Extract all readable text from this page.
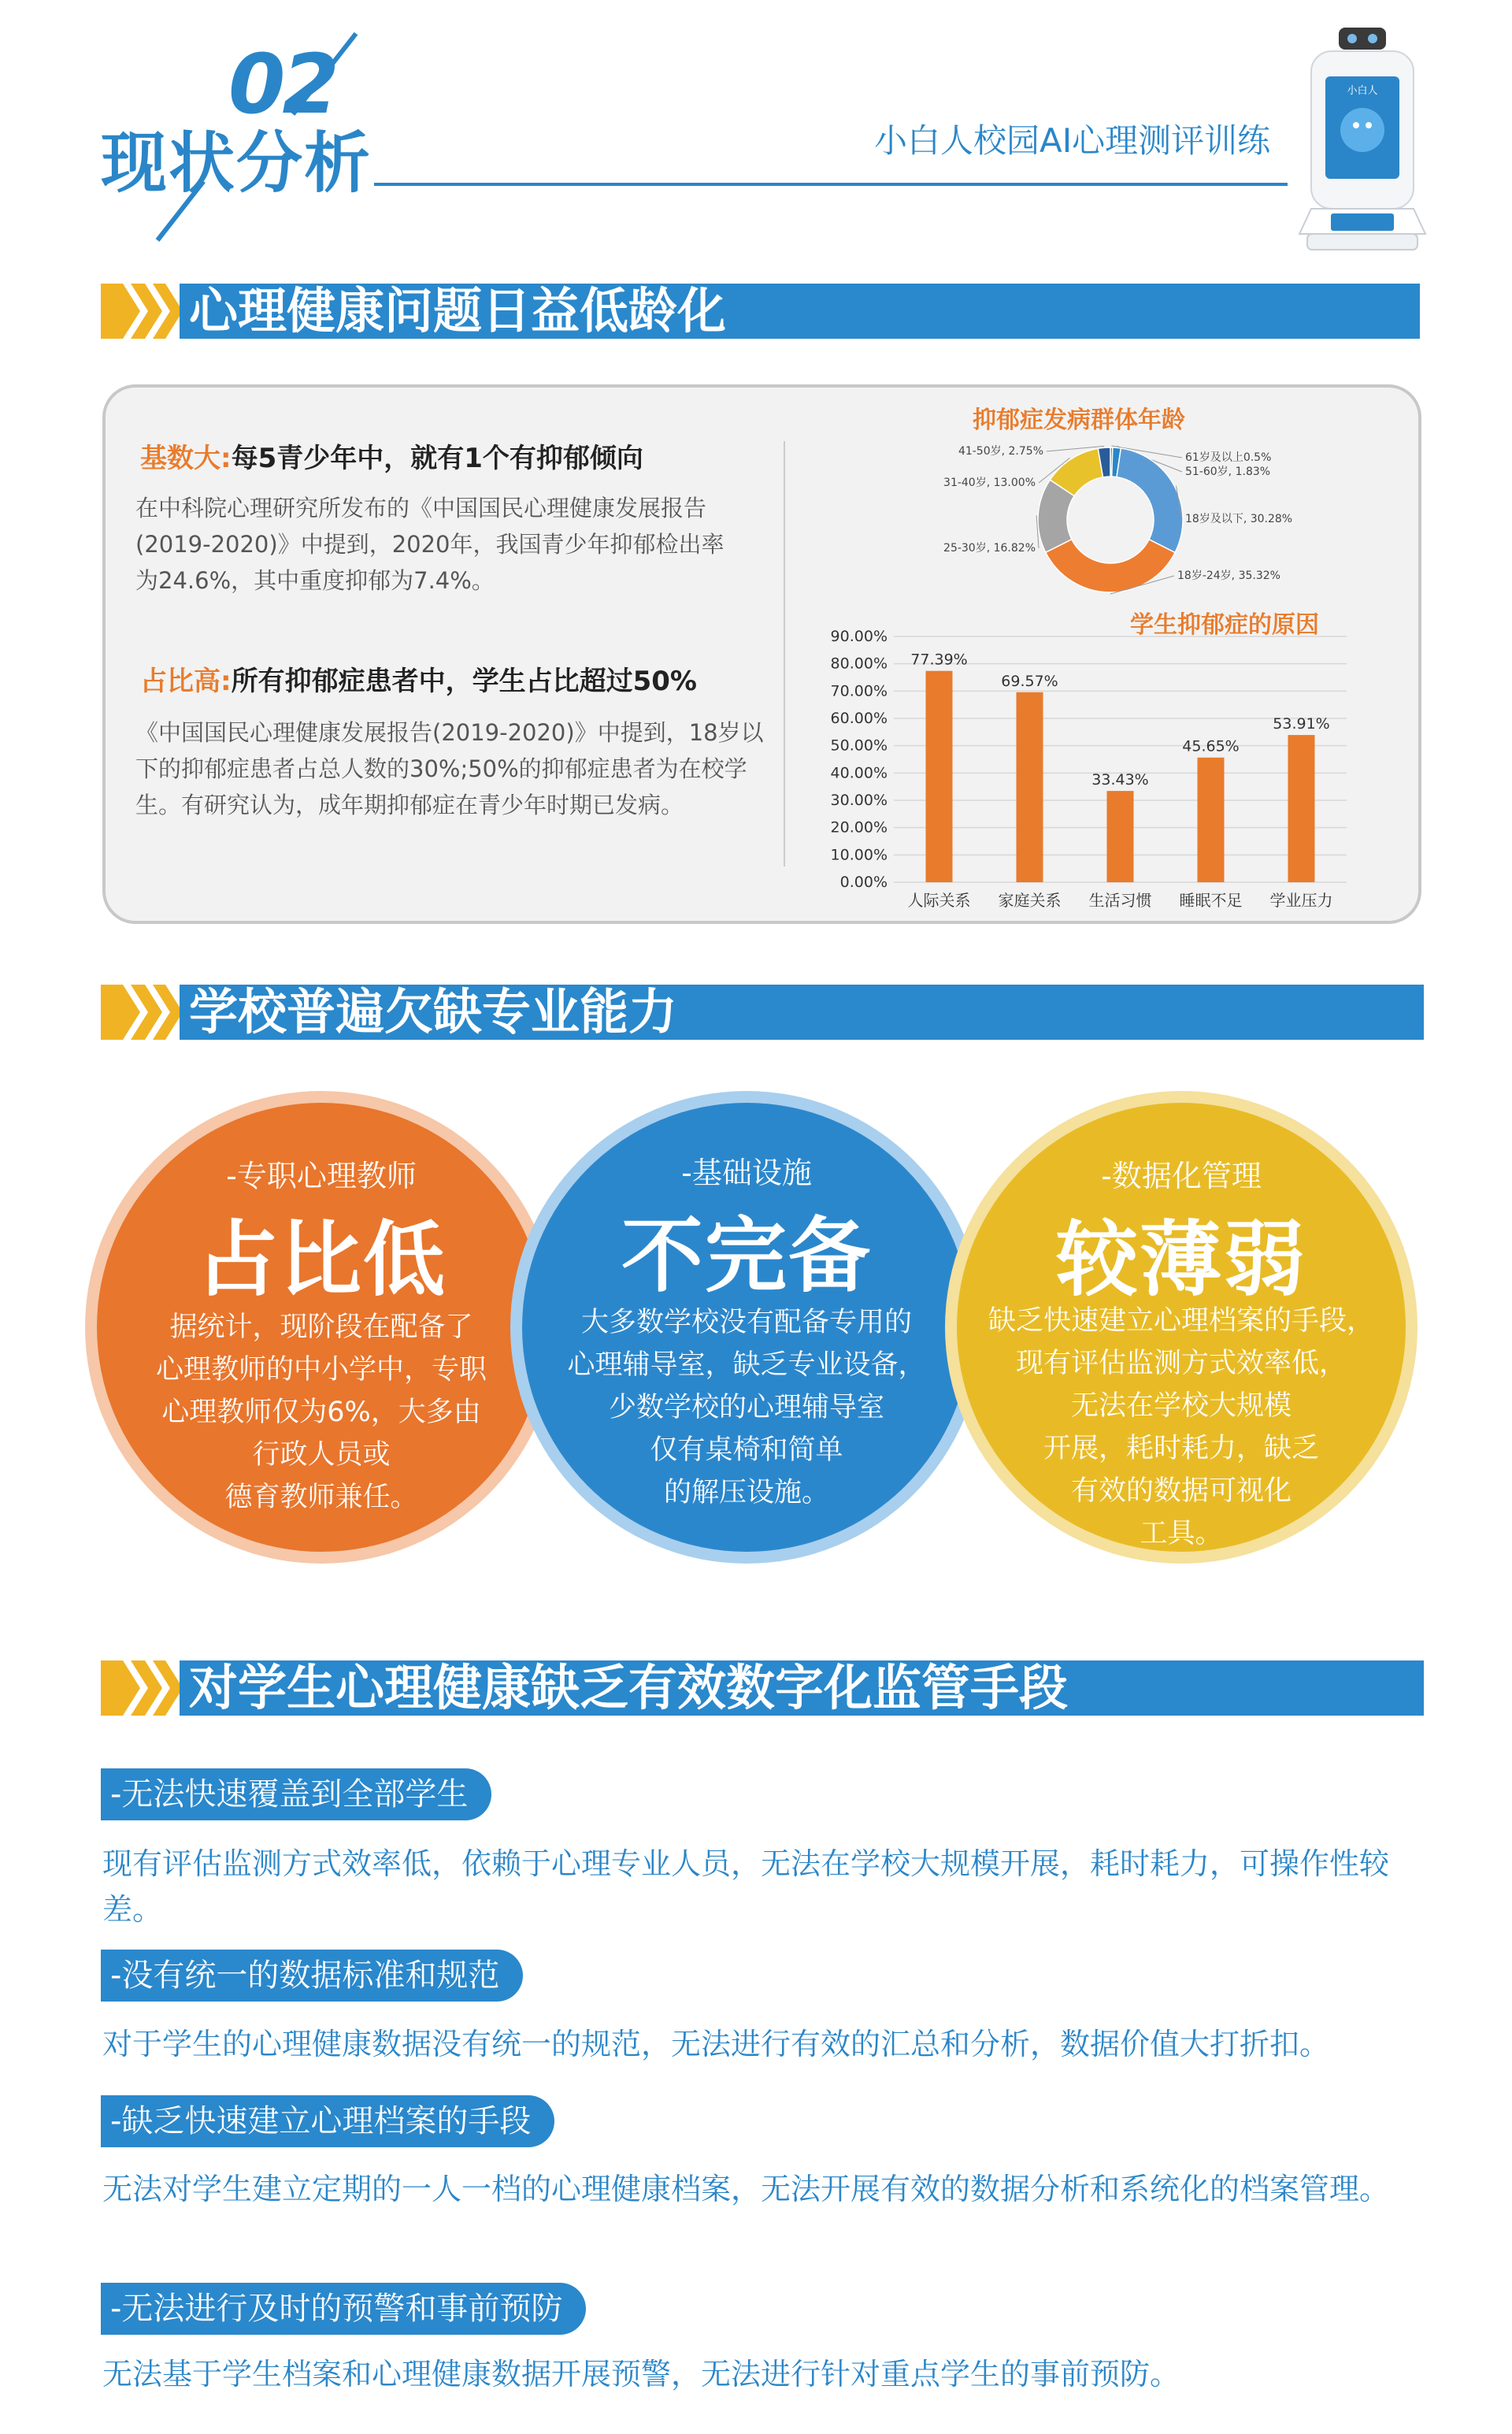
02
现状分析	小白人校园AI心理测评训练
小白人
心理健康问题日益低龄化
基数大:每5青少年中，就有1个有抑郁倾向
在中科院心理研究所发布的《中国国民心理健康发展报告(2019-2020)》中提到，2020年，我国青少年抑郁检出率为24.6%，其中重度抑郁为7.4%。
占比高:所有抑郁症患者中，学生占比超过50%
《中国国民心理健康发展报告(2019-2020)》中提到，18岁以下的抑郁症患者占总人数的30%;50%的抑郁症患者为在校学生。有研究认为，成年期抑郁症在青少年时期已发病。
抑郁症发病群体年龄
61岁及以上0.5%
51-60岁, 1.83%
18岁及以下, 30.28%
18岁-24岁, 35.32%
25-30岁, 16.82%
31-40岁, 13.00%
41-50岁, 2.75%
学生抑郁症的原因
0.00%
10.00%
20.00%
30.00%
40.00%
50.00%
60.00%
70.00%
80.00%
90.00%
77.39%
人际关系
69.57%
家庭关系
33.43%
生活习惯
45.65%
睡眠不足
53.91%
学业压力
学校普遍欠缺专业能力
-专职心理教师
占比低
据统计，现阶段在配备了
心理教师的中小学中，专职
心理教师仅为6%，大多由
行政人员或
德育教师兼任。
-基础设施
不完备
大多数学校没有配备专用的
心理辅导室，缺乏专业设备，
少数学校的心理辅导室
仅有桌椅和简单
的解压设施。
-数据化管理
较薄弱
缺乏快速建立心理档案的手段，
现有评估监测方式效率低，
无法在学校大规模
开展，耗时耗力，缺乏
有效的数据可视化
工具。
对学生心理健康缺乏有效数字化监管手段
-无法快速覆盖到全部学生
现有评估监测方式效率低，依赖于心理专业人员，无法在学校大规模开展，耗时耗力，可操作性较差。
-没有统一的数据标准和规范
对于学生的心理健康数据没有统一的规范，无法进行有效的汇总和分析，数据价值大打折扣。
-缺乏快速建立心理档案的手段
无法对学生建立定期的一人一档的心理健康档案，无法开展有效的数据分析和系统化的档案管理。
-无法进行及时的预警和事前预防
无法基于学生档案和心理健康数据开展预警，无法进行针对重点学生的事前预防。
